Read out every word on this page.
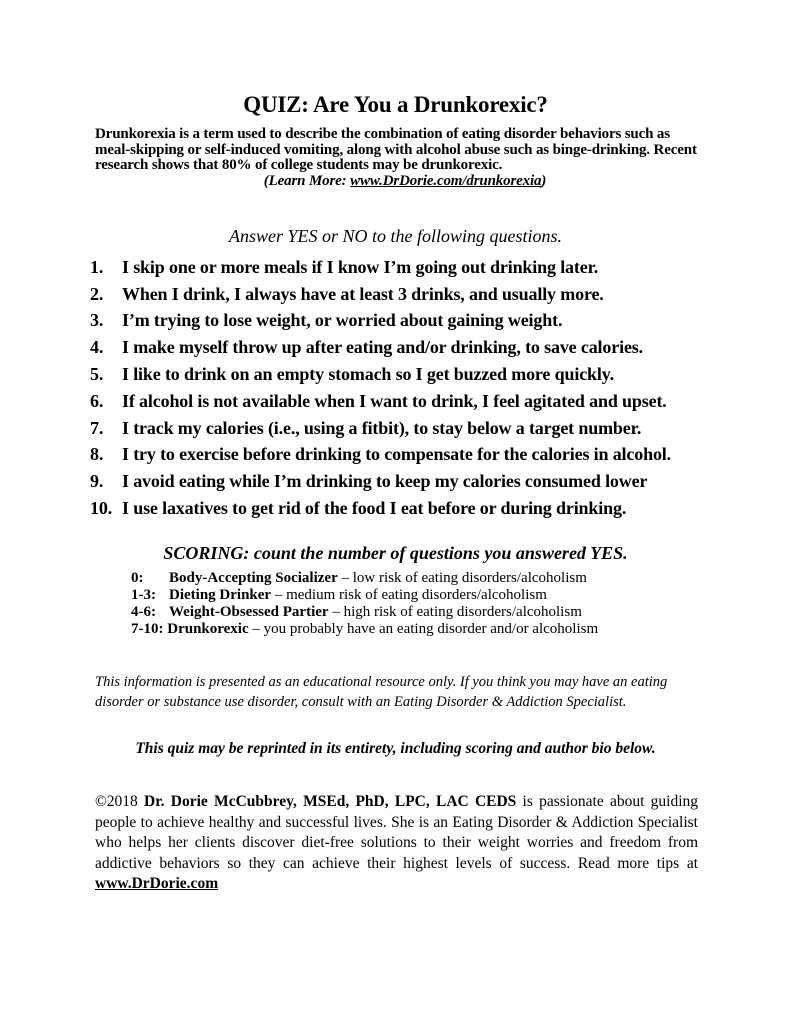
QUIZ: Are You a Drunkorexic?
Drunkorexia is a term used to describe the combination of eating disorder behaviors such as meal-skipping or self-induced vomiting, along with alcohol abuse such as binge-drinking. Recent research shows that 80% of college students may be drunkorexic.
(Learn More: www.DrDorie.com/drunkorexia)
Answer YES or NO to the following questions.
1.	I skip one or more meals if I know I’m going out drinking later.
2.	When I drink, I always have at least 3 drinks, and usually more.
3.	I’m trying to lose weight, or worried about gaining weight.
4.	I make myself throw up after eating and/or drinking, to save calories.
5.	I like to drink on an empty stomach so I get buzzed more quickly.
6.	If alcohol is not available when I want to drink, I feel agitated and upset.
7.	I track my calories (i.e., using a fitbit), to stay below a target number.
8.	I try to exercise before drinking to compensate for the calories in alcohol.
9.	I avoid eating while I’m drinking to keep my calories consumed lower
10. I use laxatives to get rid of the food I eat before or during drinking.
SCORING: count the number of questions you answered YES.
0: Body-Accepting Socializer – low risk of eating disorders/alcoholism
1-3: Dieting Drinker – medium risk of eating disorders/alcoholism
4-6: Weight-Obsessed Partier – high risk of eating disorders/alcoholism
7-10: Drunkorexic – you probably have an eating disorder and/or alcoholism
This information is presented as an educational resource only. If you think you may have an eating disorder or substance use disorder, consult with an Eating Disorder & Addiction Specialist.
This quiz may be reprinted in its entirety, including scoring and author bio below.
©2018 Dr. Dorie McCubbrey, MSEd, PhD, LPC, LAC CEDS is passionate about guiding people to achieve healthy and successful lives. She is an Eating Disorder & Addiction Specialist who helps her clients discover diet-free solutions to their weight worries and freedom from addictive behaviors so they can achieve their highest levels of success. Read more tips at www.DrDorie.com
